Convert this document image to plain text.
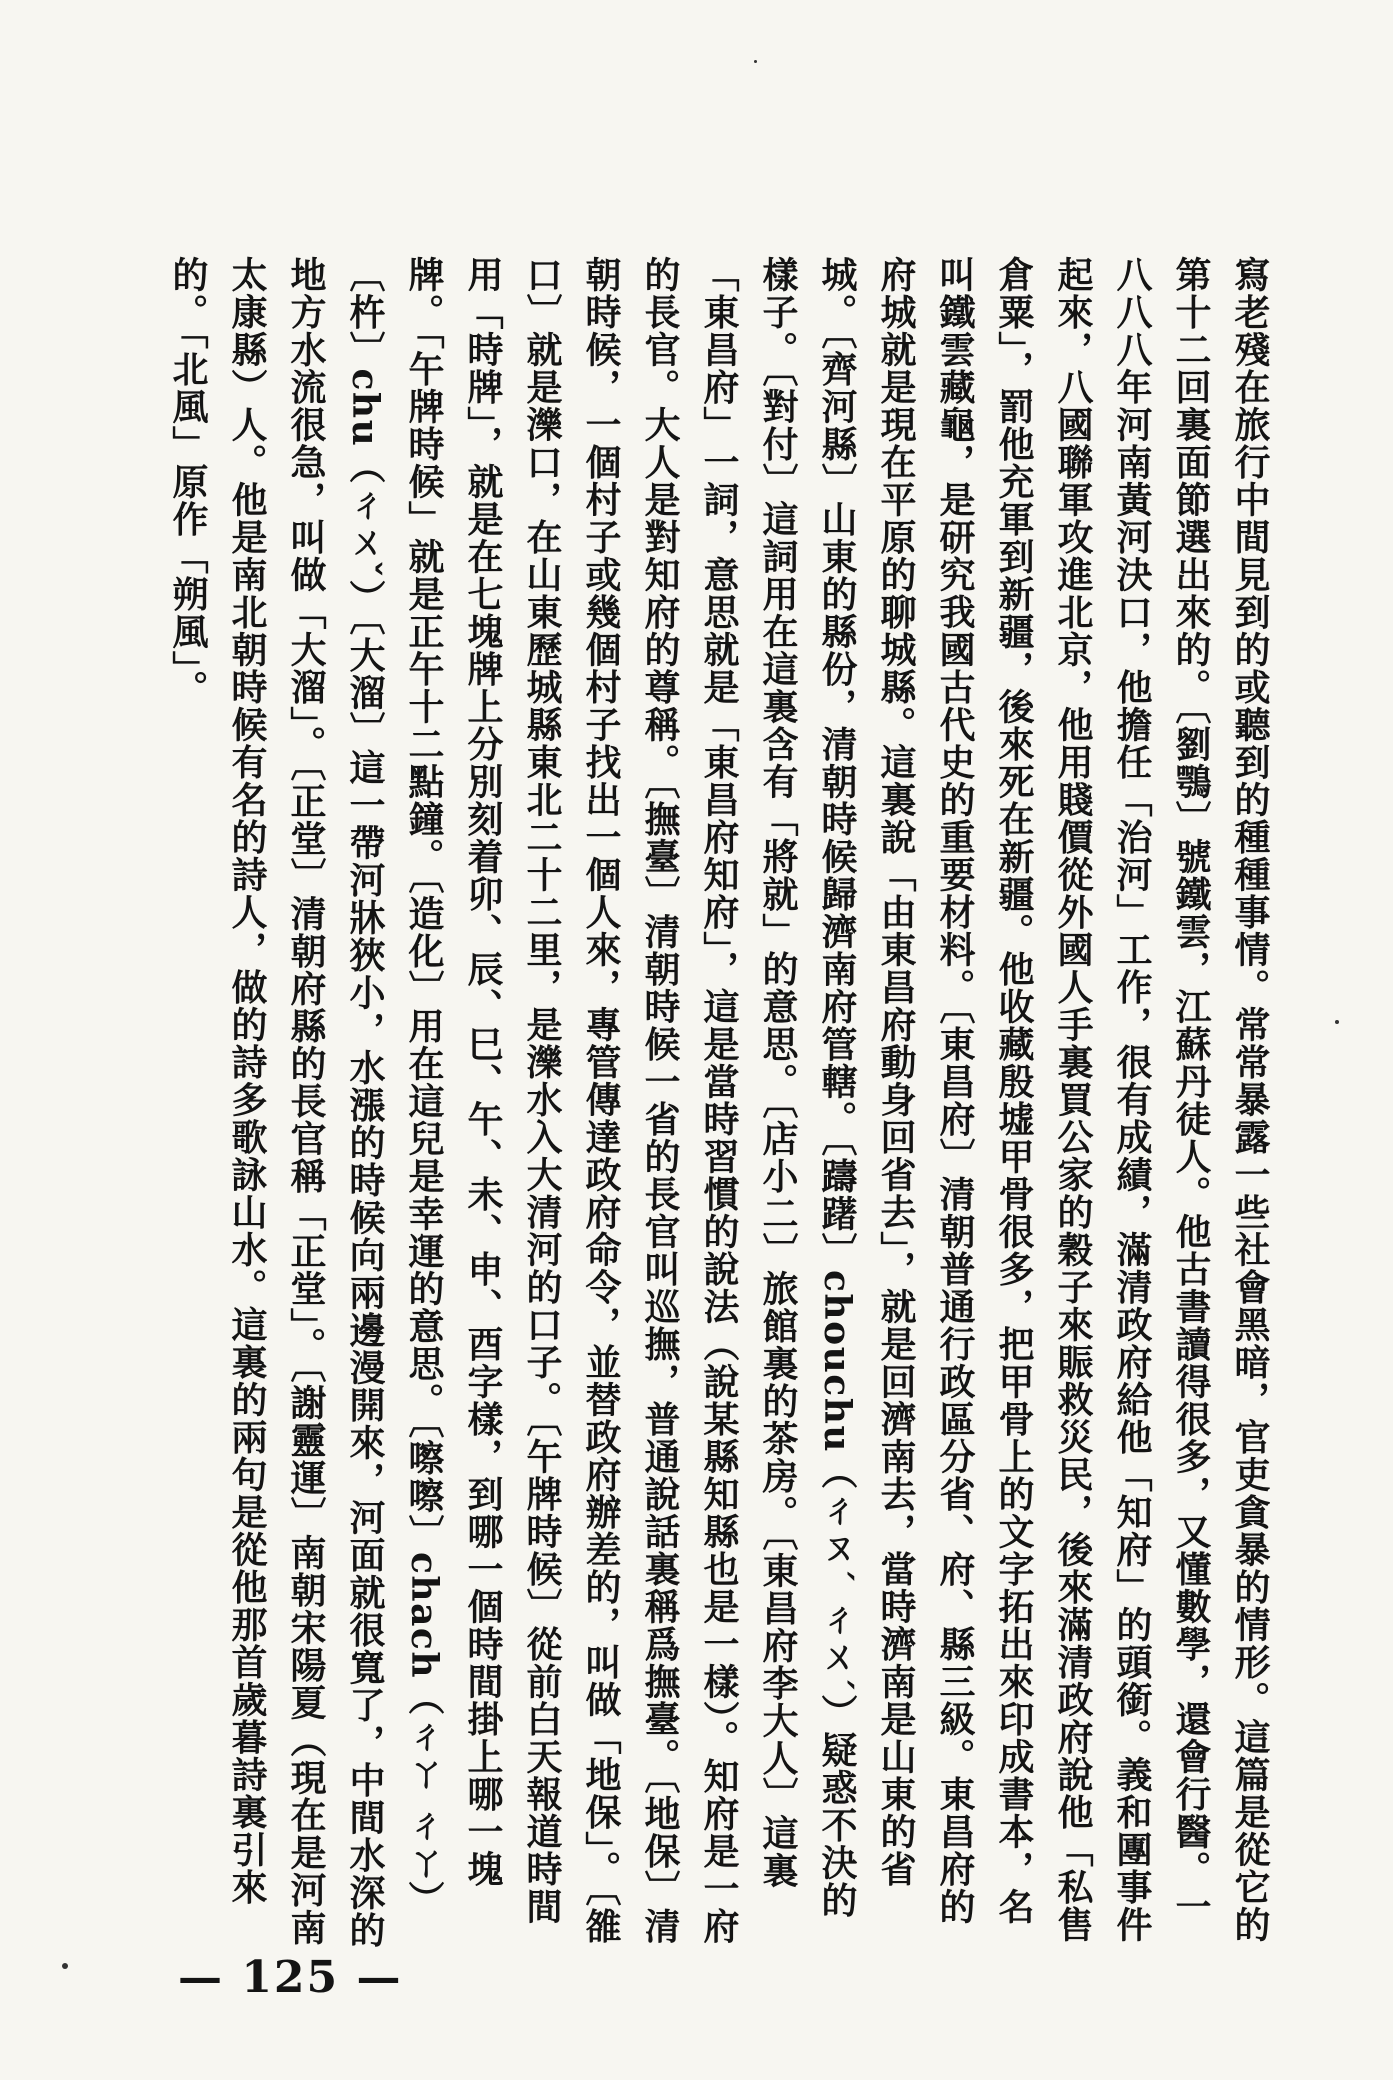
寫老殘在旅行中間見到的或聽到的種種事情。常常暴露一些社會黑暗，官吏貪暴的情形。這篇是從它的第十二回裏面節選出來的。〔劉鶚〕號鐵雲，江蘇丹徒人。他古書讀得很多，又懂數學，還會行醫。一八八八年河南黃河決口，他擔任「治河」工作，很有成績，滿清政府給他「知府」的頭銜。義和團事件起來，八國聯軍攻進北京，他用賤價從外國人手裏買公家的穀子來賑救災民，後來滿清政府說他「私售倉粟」，罰他充軍到新疆，後來死在新疆。他收藏殷墟甲骨很多，把甲骨上的文字拓出來印成書本，名叫鐵雲藏龜，是研究我國古代史的重要材料。〔東昌府〕清朝普通行政區分省、府、縣三級。東昌府的府城就是現在平原的聊城縣。這裏說「由東昌府動身回省去」，就是回濟南去，當時濟南是山東的省城。〔齊河縣〕山東的縣份，清朝時候歸濟南府管轄。〔躊躇〕chouchu（ㄔㄡˊ ㄔㄨˊ）疑惑不決的樣子。〔對付〕這詞用在這裏含有「將就」的意思。〔店小二〕旅館裏的茶房。〔東昌府李大人〕這裏「東昌府」一詞，意思就是「東昌府知府」，這是當時習慣的說法（說某縣知縣也是一樣）。知府是一府的長官。大人是對知府的尊稱。〔撫臺〕清朝時候一省的長官叫巡撫，普通說話裏稱爲撫臺。〔地保〕清朝時候，一個村子或幾個村子找出一個人來，專管傳達政府命令，並替政府辦差的，叫做「地保」。〔雒口〕就是濼口，在山東歷城縣東北二十二里，是濼水入大清河的口子。〔午牌時候〕從前白天報道時間用「時牌」，就是在七塊牌上分別刻着卯、辰、巳、午、未、申、酉字樣，到哪一個時間掛上哪一塊牌。「午牌時候」就是正午十二點鐘。〔造化〕用在這兒是幸運的意思。〔嚓嚓〕chach（ㄔㄚ ㄔㄚ）〔杵〕chu（ㄔㄨˇ）〔大溜〕這一帶河牀狹小，水漲的時候向兩邊漫開來，河面就很寬了，中間水深的地方水流很急，叫做「大溜」。〔正堂〕清朝府縣的長官稱「正堂」。〔謝靈運〕南朝宋陽夏（現在是河南太康縣）人。他是南北朝時候有名的詩人，做的詩多歌詠山水。這裏的兩句是從他那首歲暮詩裏引來的。「北風」原作「朔風」。

— 125 —
